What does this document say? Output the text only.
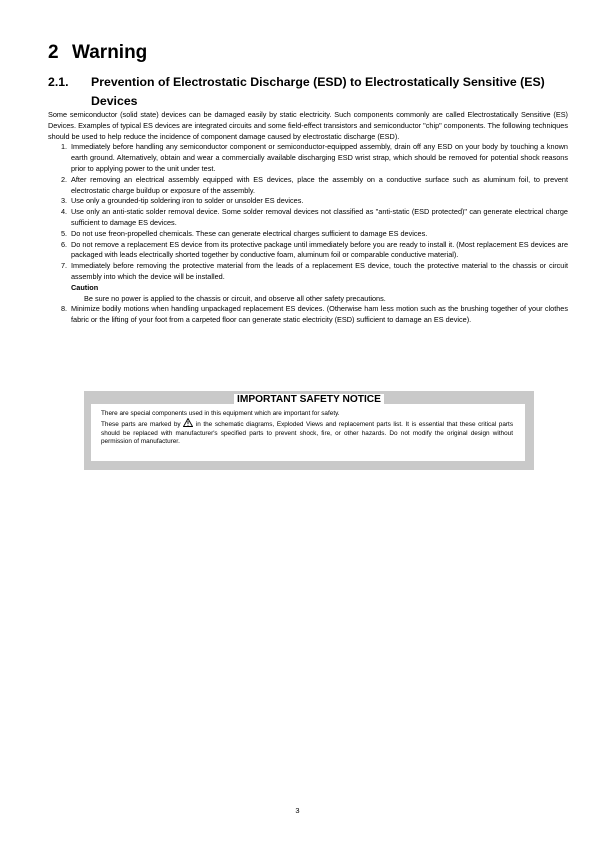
2 Warning
2.1. Prevention of Electrostatic Discharge (ESD) to Electrostatically Sensitive (ES) Devices

Some semiconductor (solid state) devices can be damaged easily by static electricity. Such components commonly are called Electrostatically Sensitive (ES) Devices. Examples of typical ES devices are integrated circuits and some field-effect transistors and semiconductor "chip" components. The following techniques should be used to help reduce the incidence of component damage caused by electrostatic discharge (ESD).

1. Immediately before handling any semiconductor component or semiconductor-equipped assembly, drain off any ESD on your body by touching a known earth ground. Alternatively, obtain and wear a commercially available discharging ESD wrist strap, which should be removed for potential shock reasons prior to applying power to the unit under test.
2. After removing an electrical assembly equipped with ES devices, place the assembly on a conductive surface such as aluminum foil, to prevent electrostatic charge buildup or exposure of the assembly.
3. Use only a grounded-tip soldering iron to solder or unsolder ES devices.
4. Use only an anti-static solder removal device. Some solder removal devices not classified as "anti-static (ESD protected)" can generate electrical charge sufficient to damage ES devices.
5. Do not use freon-propelled chemicals. These can generate electrical charges sufficient to damage ES devices.
6. Do not remove a replacement ES device from its protective package until immediately before you are ready to install it. (Most replacement ES devices are packaged with leads electrically shorted together by conductive foam, aluminum foil or comparable conductive material).
7. Immediately before removing the protective material from the leads of a replacement ES device, touch the protective material to the chassis or circuit assembly into which the device will be installed.
Caution
Be sure no power is applied to the chassis or circuit, and observe all other safety precautions.
8. Minimize bodily motions when handling unpackaged replacement ES devices. (Otherwise ham less motion such as the brushing together of your clothes fabric or the lifting of your foot from a carpeted floor can generate static electricity (ESD) sufficient to damage an ES device).
There are special components used in this equipment which are important for safety.
These parts are marked by in the schematic diagrams, Exploded Views and replacement parts list. It is essential that these critical parts should be replaced with manufacturer's specified parts to prevent shock, fire, or other hazards. Do not modify the original design without permission of manufacturer.
IMPORTANT SAFETY NOTICE
3
